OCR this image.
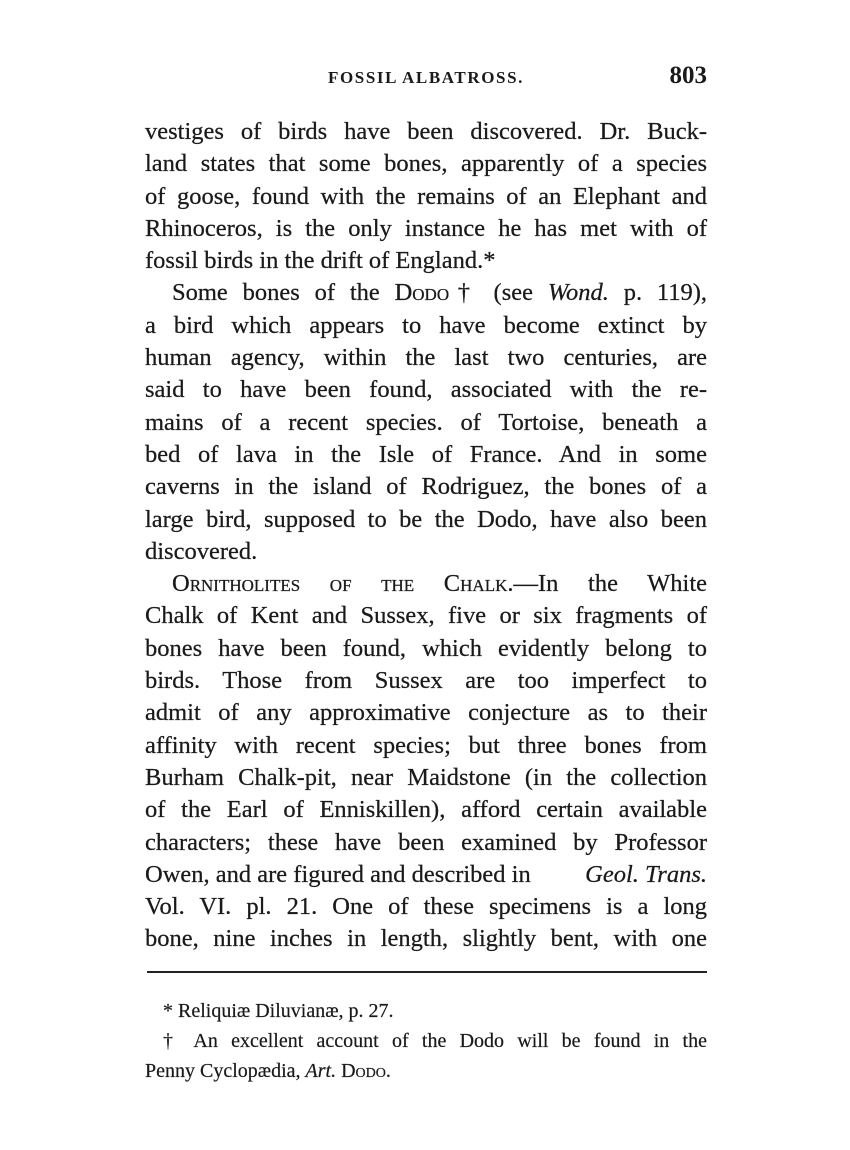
FOSSIL ALBATROSS.	803
vestiges of birds have been discovered. Dr. Buck-
land states that some bones, apparently of a species
of goose, found with the remains of an Elephant and
Rhinoceros, is the only instance he has met with of
fossil birds in the drift of England.*
Some bones of the Dodo† (see Wond. p. 119),
a bird which appears to have become extinct by
human agency, within the last two centuries, are
said to have been found, associated with the re-
mains of a recent species. of Tortoise, beneath a
bed of lava in the Isle of France. And in some
caverns in the island of Rodriguez, the bones of a
large bird, supposed to be the Dodo, have also been
discovered.
Ornitholites of the Chalk.—In the White
Chalk of Kent and Sussex, five or six fragments of
bones have been found, which evidently belong to
birds. Those from Sussex are too imperfect to
admit of any approximative conjecture as to their
affinity with recent species; but three bones from
Burham Chalk-pit, near Maidstone (in the collection
of the Earl of Enniskillen), afford certain available
characters; these have been examined by Professor
Owen, and are figured and described in Geol. Trans.
Vol. VI. pl. 21. One of these specimens is a long
bone, nine inches in length, slightly bent, with one
* Reliquiæ Diluvianæ, p. 27.
† An excellent account of the Dodo will be found in the
Penny Cyclopædia, Art. Dodo.
